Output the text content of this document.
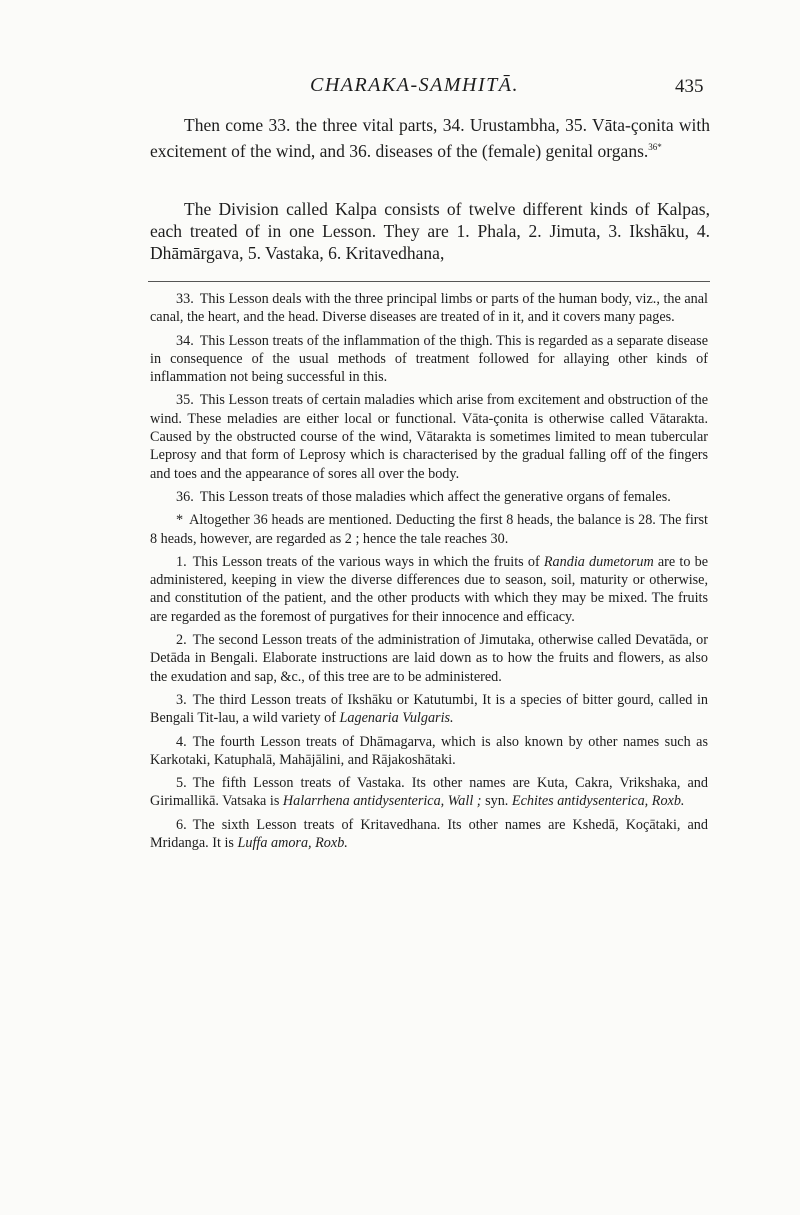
CHARAKA-SAMHITĀ.	435

Then come 33. the three vital parts, 34. Urustambha, 35. Vāta-çonita with excitement of the wind, and 36. diseases of the (female) genital organs.$^{36*}$

The Division called Kalpa consists of twelve different kinds of Kalpas, each treated of in one Lesson. They are 1. Phala, 2. Jimuta, 3. Ikshāku, 4. Dhāmārgava, 5. Vastaka, 6. Kritavedhana,

33. This Lesson deals with the three principal limbs or parts of the human body, viz., the anal canal, the heart, and the head. Diverse diseases are treated of in it, and it covers many pages.

34. This Lesson treats of the inflammation of the thigh. This is regarded as a separate disease in consequence of the usual methods of treatment followed for allaying other kinds of inflammation not being successful in this.

35. This Lesson treats of certain maladies which arise from excitement and obstruction of the wind. These meladies are either local or functional. Vāta-çonita is otherwise called Vātarakta. Caused by the obstructed course of the wind, Vātarakta is sometimes limited to mean tubercular Leprosy and that form of Leprosy which is characterised by the gradual falling off of the fingers and toes and the appearance of sores all over the body.

36. This Lesson treats of those maladies which affect the generative organs of females.

* Altogether 36 heads are mentioned. Deducting the first 8 heads, the balance is 28. The first 8 heads, however, are regarded as 2 ; hence the tale reaches 30.

1. This Lesson treats of the various ways in which the fruits of Randia dumetorum are to be administered, keeping in view the diverse differences due to season, soil, maturity or otherwise, and constitution of the patient, and the other products with which they may be mixed. The fruits are regarded as the foremost of purgatives for their innocence and efficacy.

2. The second Lesson treats of the administration of Jimutaka, otherwise called Devatāda, or Detāda in Bengali. Elaborate instructions are laid down as to how the fruits and flowers, as also the exudation and sap, &c., of this tree are to be administered.

3. The third Lesson treats of Ikshāku or Katutumbi, It is a species of bitter gourd, called in Bengali Tit-lau, a wild variety of Lagenaria Vulgaris.

4. The fourth Lesson treats of Dhāmagarva, which is also known by other names such as Karkotaki, Katuphalā, Mahājālini, and Rājakoshātaki.

5. The fifth Lesson treats of Vastaka. Its other names are Kuta, Cakra, Vrikshaka, and Girimallikā. Vatsaka is Halarrhena antidysenterica, Wall ; syn. Echites antidysenterica, Roxb.

6. The sixth Lesson treats of Kritavedhana. Its other names are Kshedā, Koçātaki, and Mridanga. It is Luffa amora, Roxb.
